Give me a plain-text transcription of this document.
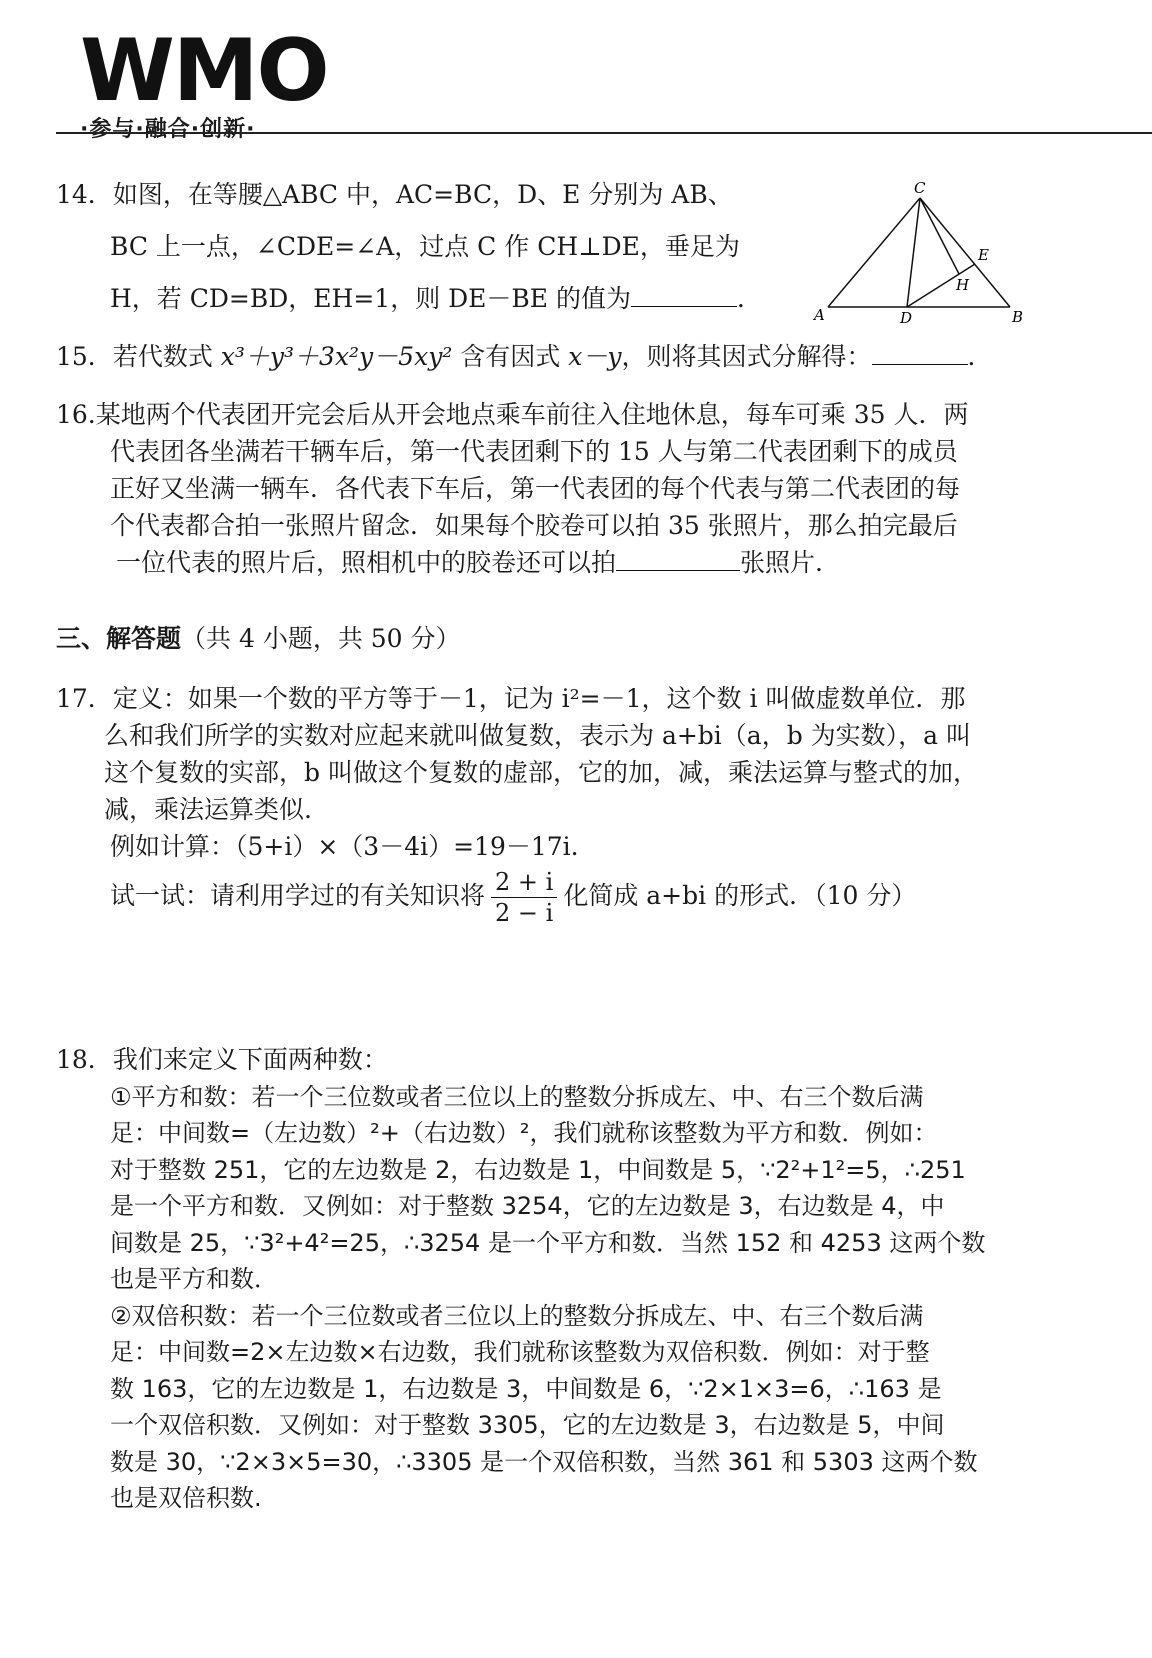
WMO
·参与·融合·创新·
14．如图，在等腰△ABC 中，AC=BC，D、E 分别为 AB、
BC 上一点，∠CDE=∠A，过点 C 作 CH⊥DE，垂足为
H，若 CD=BD，EH=1，则 DE－BE 的值为	．
C
E
H
A	D	B
15．若代数式 x³＋y³＋3x²y－5xy² 含有因式 x－y，则将其因式分解得：	．
16.某地两个代表团开完会后从开会地点乘车前往入住地休息，每车可乘 35 人．两
代表团各坐满若干辆车后，第一代表团剩下的 15 人与第二代表团剩下的成员
正好又坐满一辆车．各代表下车后，第一代表团的每个代表与第二代表团的每
个代表都合拍一张照片留念．如果每个胶卷可以拍 35 张照片，那么拍完最后
一位代表的照片后，照相机中的胶卷还可以拍	张照片.
三、解答题（共 4 小题，共 50 分）
17．定义：如果一个数的平方等于－1，记为 i²=－1，这个数 i 叫做虚数单位．那
么和我们所学的实数对应起来就叫做复数，表示为 a+bi（a，b 为实数），a 叫
这个复数的实部，b 叫做这个复数的虚部，它的加，减，乘法运算与整式的加，
减，乘法运算类似.
例如计算：（5+i）×（3－4i）=19－17i.
试一试：请利用学过的有关知识将 $\frac{2 + i}{2 - i}$ 化简成 a+bi 的形式．（10 分）
18．我们来定义下面两种数：
①平方和数：若一个三位数或者三位以上的整数分拆成左、中、右三个数后满
足：中间数=（左边数）²+（右边数）²，我们就称该整数为平方和数．例如：
对于整数 251，它的左边数是 2，右边数是 1，中间数是 5，∵2²+1²=5，∴251
是一个平方和数．又例如：对于整数 3254，它的左边数是 3，右边数是 4，中
间数是 25，∵3²+4²=25，∴3254 是一个平方和数．当然 152 和 4253 这两个数
也是平方和数．
②双倍积数：若一个三位数或者三位以上的整数分拆成左、中、右三个数后满
足：中间数=2×左边数×右边数，我们就称该整数为双倍积数．例如：对于整
数 163，它的左边数是 1，右边数是 3，中间数是 6，∵2×1×3=6，∴163 是
一个双倍积数．又例如：对于整数 3305，它的左边数是 3，右边数是 5，中间
数是 30，∵2×3×5=30，∴3305 是一个双倍积数，当然 361 和 5303 这两个数
也是双倍积数.
